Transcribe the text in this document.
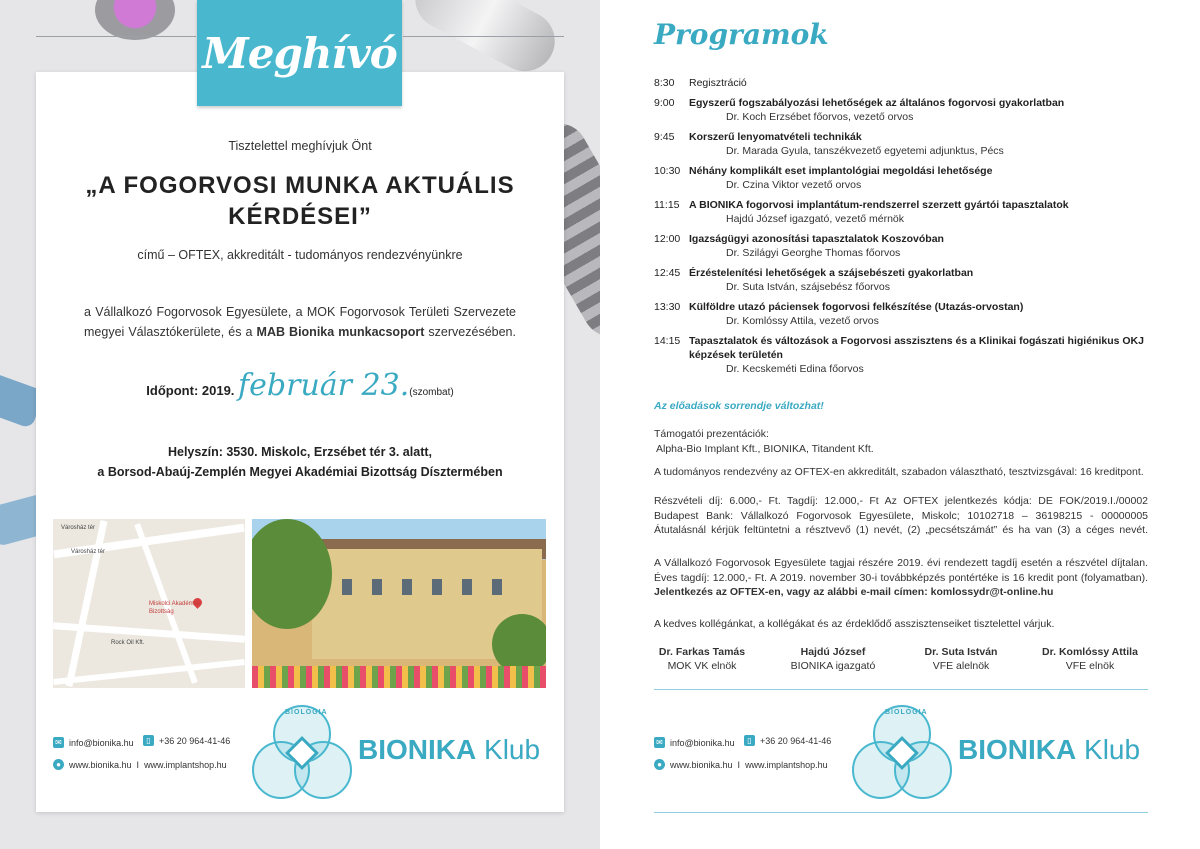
Meghívó
Tisztelettel meghívjuk Önt
„A FOGORVOSI MUNKA AKTUÁLIS
KÉRDÉSEI”
című – OFTEX, akkreditált - tudományos rendezvényünkre
a Vállalkozó Fogorvosok Egyesülete, a MOK Fogorvosok Területi Szervezete
megyei Választókerülete, és a MAB Bionika munkacsoport szervezésében.
Időpont: 2019. február 23.(szombat)
Helyszín: 3530. Miskolc, Erzsébet tér 3. alatt,
a Borsod-Abaúj-Zemplén Megyei Akadémiai Bizottság Dísztermében
Városház tér
Városház tér
Miskolci Akadémiai
Bizottság
Rock Oil Kft.
✉ info@bionika.hu	▯ +36 20 964-41-46
● www.bionika.hu I www.implantshop.hu
BIOLÓGIA
BIONIKA Klub
Programok
8:30	Regisztráció
9:00	Egyszerű fogszabályozási lehetőségek az általános fogorvosi gyakorlatban
Dr. Koch Erzsébet főorvos, vezető orvos
9:45	Korszerű lenyomatvételi technikák
Dr. Marada Gyula, tanszékvezető egyetemi adjunktus, Pécs
10:30 Néhány komplikált eset implantológiai megoldási lehetősége
Dr. Czina Viktor vezető orvos
11:15 A BIONIKA fogorvosi implantátum-rendszerrel szerzett gyártói tapasztalatok
Hajdú József igazgató, vezető mérnök
12:00 Igazságügyi azonosítási tapasztalatok Koszovóban
Dr. Szilágyi Georghe Thomas főorvos
12:45 Érzéstelenítési lehetőségek a szájsebészeti gyakorlatban
Dr. Suta István, szájsebész főorvos
13:30 Külföldre utazó páciensek fogorvosi felkészítése (Utazás-orvostan)
Dr. Komlóssy Attila, vezető orvos
14:15 Tapasztalatok és változások a Fogorvosi asszisztens és a Klinikai fogászati higiénikus OKJ képzések területén
Dr. Kecskeméti Edina főorvos
Az előadások sorrendje változhat!
Támogatói prezentációk:
Alpha-Bio Implant Kft., BIONIKA, Titandent Kft.
A tudományos rendezvény az OFTEX-en akkreditált, szabadon választható, tesztvizsgával: 16 kreditpont.
Részvételi díj: 6.000,- Ft. Tagdíj: 12.000,- Ft Az OFTEX jelentkezés kódja: DE FOK/2019.I./00002
Budapest Bank: Vállalkozó Fogorvosok Egyesülete, Miskolc; 10102718 – 36198215 - 00000005
Átutalásnál kérjük feltüntetni a résztvevő (1) nevét, (2) „pecsétszámát” és ha van (3) a céges nevét.
A Vállalkozó Fogorvosok Egyesülete tagjai részére 2019. évi rendezett tagdíj esetén a részvétel díjtalan.
Éves tagdíj: 12.000,- Ft. A 2019. november 30-i továbbképzés pontértéke is 16 kredit pont (folyamatban).
Jelentkezés az OFTEX-en, vagy az alábbi e-mail címen: komlossydr@t-online.hu
A kedves kollégánkat, a kollégákat és az érdeklődő asszisztenseiket tisztelettel várjuk.
Dr. Farkas Tamás
MOK VK elnök
Hajdú József
BIONIKA igazgató
Dr. Suta István
VFE alelnök
Dr. Komlóssy Attila
VFE elnök
✉ info@bionika.hu	▯ +36 20 964-41-46
● www.bionika.hu I www.implantshop.hu
BIOLÓGIA
BIONIKA Klub
